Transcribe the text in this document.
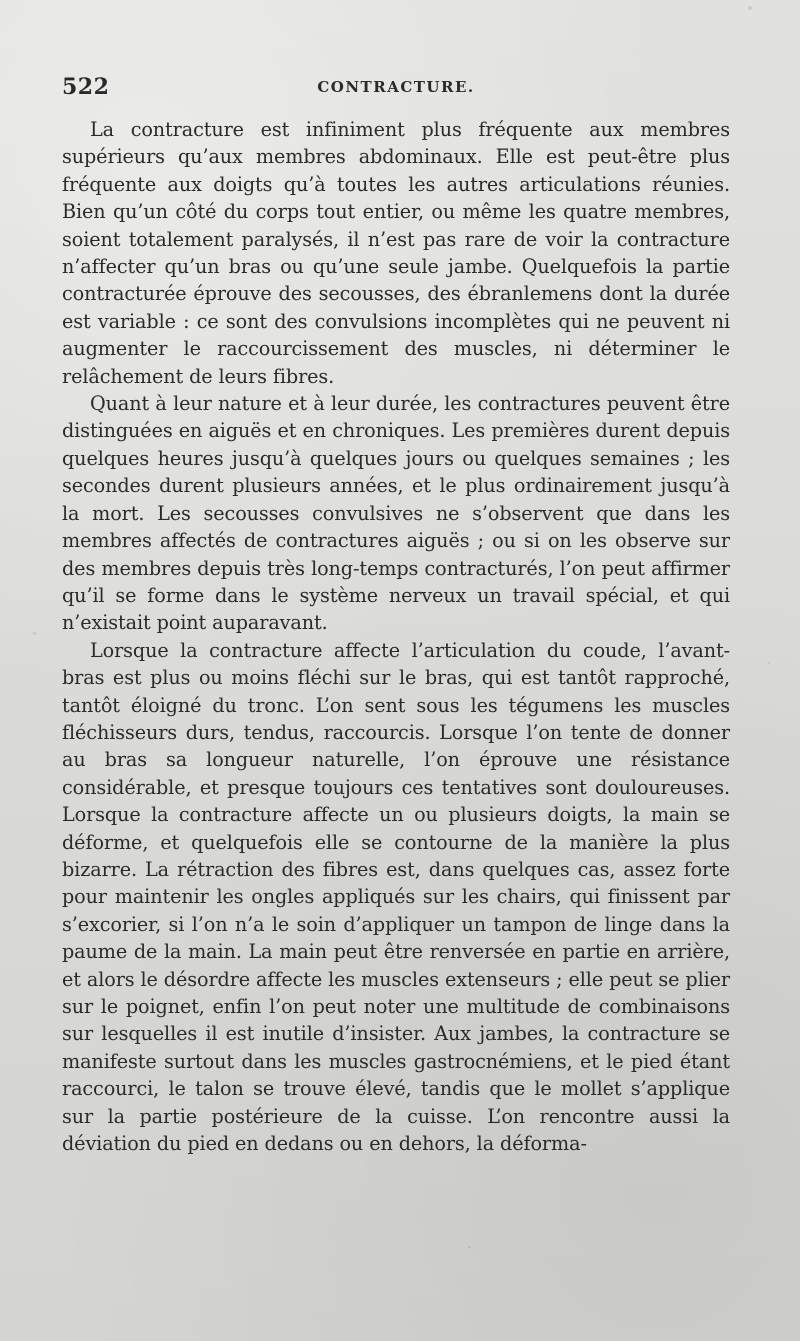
522	CONTRACTURE.

La contracture est infiniment plus fréquente aux membres supérieurs qu’aux membres abdominaux. Elle est peut-être plus fréquente aux doigts qu’à toutes les autres articulations réunies. Bien qu’un côté du corps tout entier, ou même les quatre membres, soient totalement paralysés, il n’est pas rare de voir la contracture n’affecter qu’un bras ou qu’une seule jambe. Quelquefois la partie contracturée éprouve des secousses, des ébranlemens dont la durée est variable : ce sont des convulsions incomplètes qui ne peuvent ni augmenter le raccourcissement des muscles, ni déterminer le relâchement de leurs fibres.

Quant à leur nature et à leur durée, les contractures peuvent être distinguées en aiguës et en chroniques. Les premières durent depuis quelques heures jusqu’à quelques jours ou quelques semaines ; les secondes durent plusieurs années, et le plus ordinairement jusqu’à la mort. Les secousses convulsives ne s’observent que dans les membres affectés de contractures aiguës ; ou si on les observe sur des membres depuis très long-temps contracturés, l’on peut affirmer qu’il se forme dans le système nerveux un travail spécial, et qui n’existait point auparavant.

Lorsque la contracture affecte l’articulation du coude, l’avant-bras est plus ou moins fléchi sur le bras, qui est tantôt rapproché, tantôt éloigné du tronc. L’on sent sous les tégumens les muscles fléchisseurs durs, tendus, raccourcis. Lorsque l’on tente de donner au bras sa longueur naturelle, l’on éprouve une résistance considérable, et presque toujours ces tentatives sont douloureuses. Lorsque la contracture affecte un ou plusieurs doigts, la main se déforme, et quelquefois elle se contourne de la manière la plus bizarre. La rétraction des fibres est, dans quelques cas, assez forte pour maintenir les ongles appliqués sur les chairs, qui finissent par s’excorier, si l’on n’a le soin d’appliquer un tampon de linge dans la paume de la main. La main peut être renversée en partie en arrière, et alors le désordre affecte les muscles extenseurs ; elle peut se plier sur le poignet, enfin l’on peut noter une multitude de combinaisons sur lesquelles il est inutile d’insister. Aux jambes, la contracture se manifeste surtout dans les muscles gastrocnémiens, et le pied étant raccourci, le talon se trouve élevé, tandis que le mollet s’applique sur la partie postérieure de la cuisse. L’on rencontre aussi la déviation du pied en dedans ou en dehors, la déforma-
